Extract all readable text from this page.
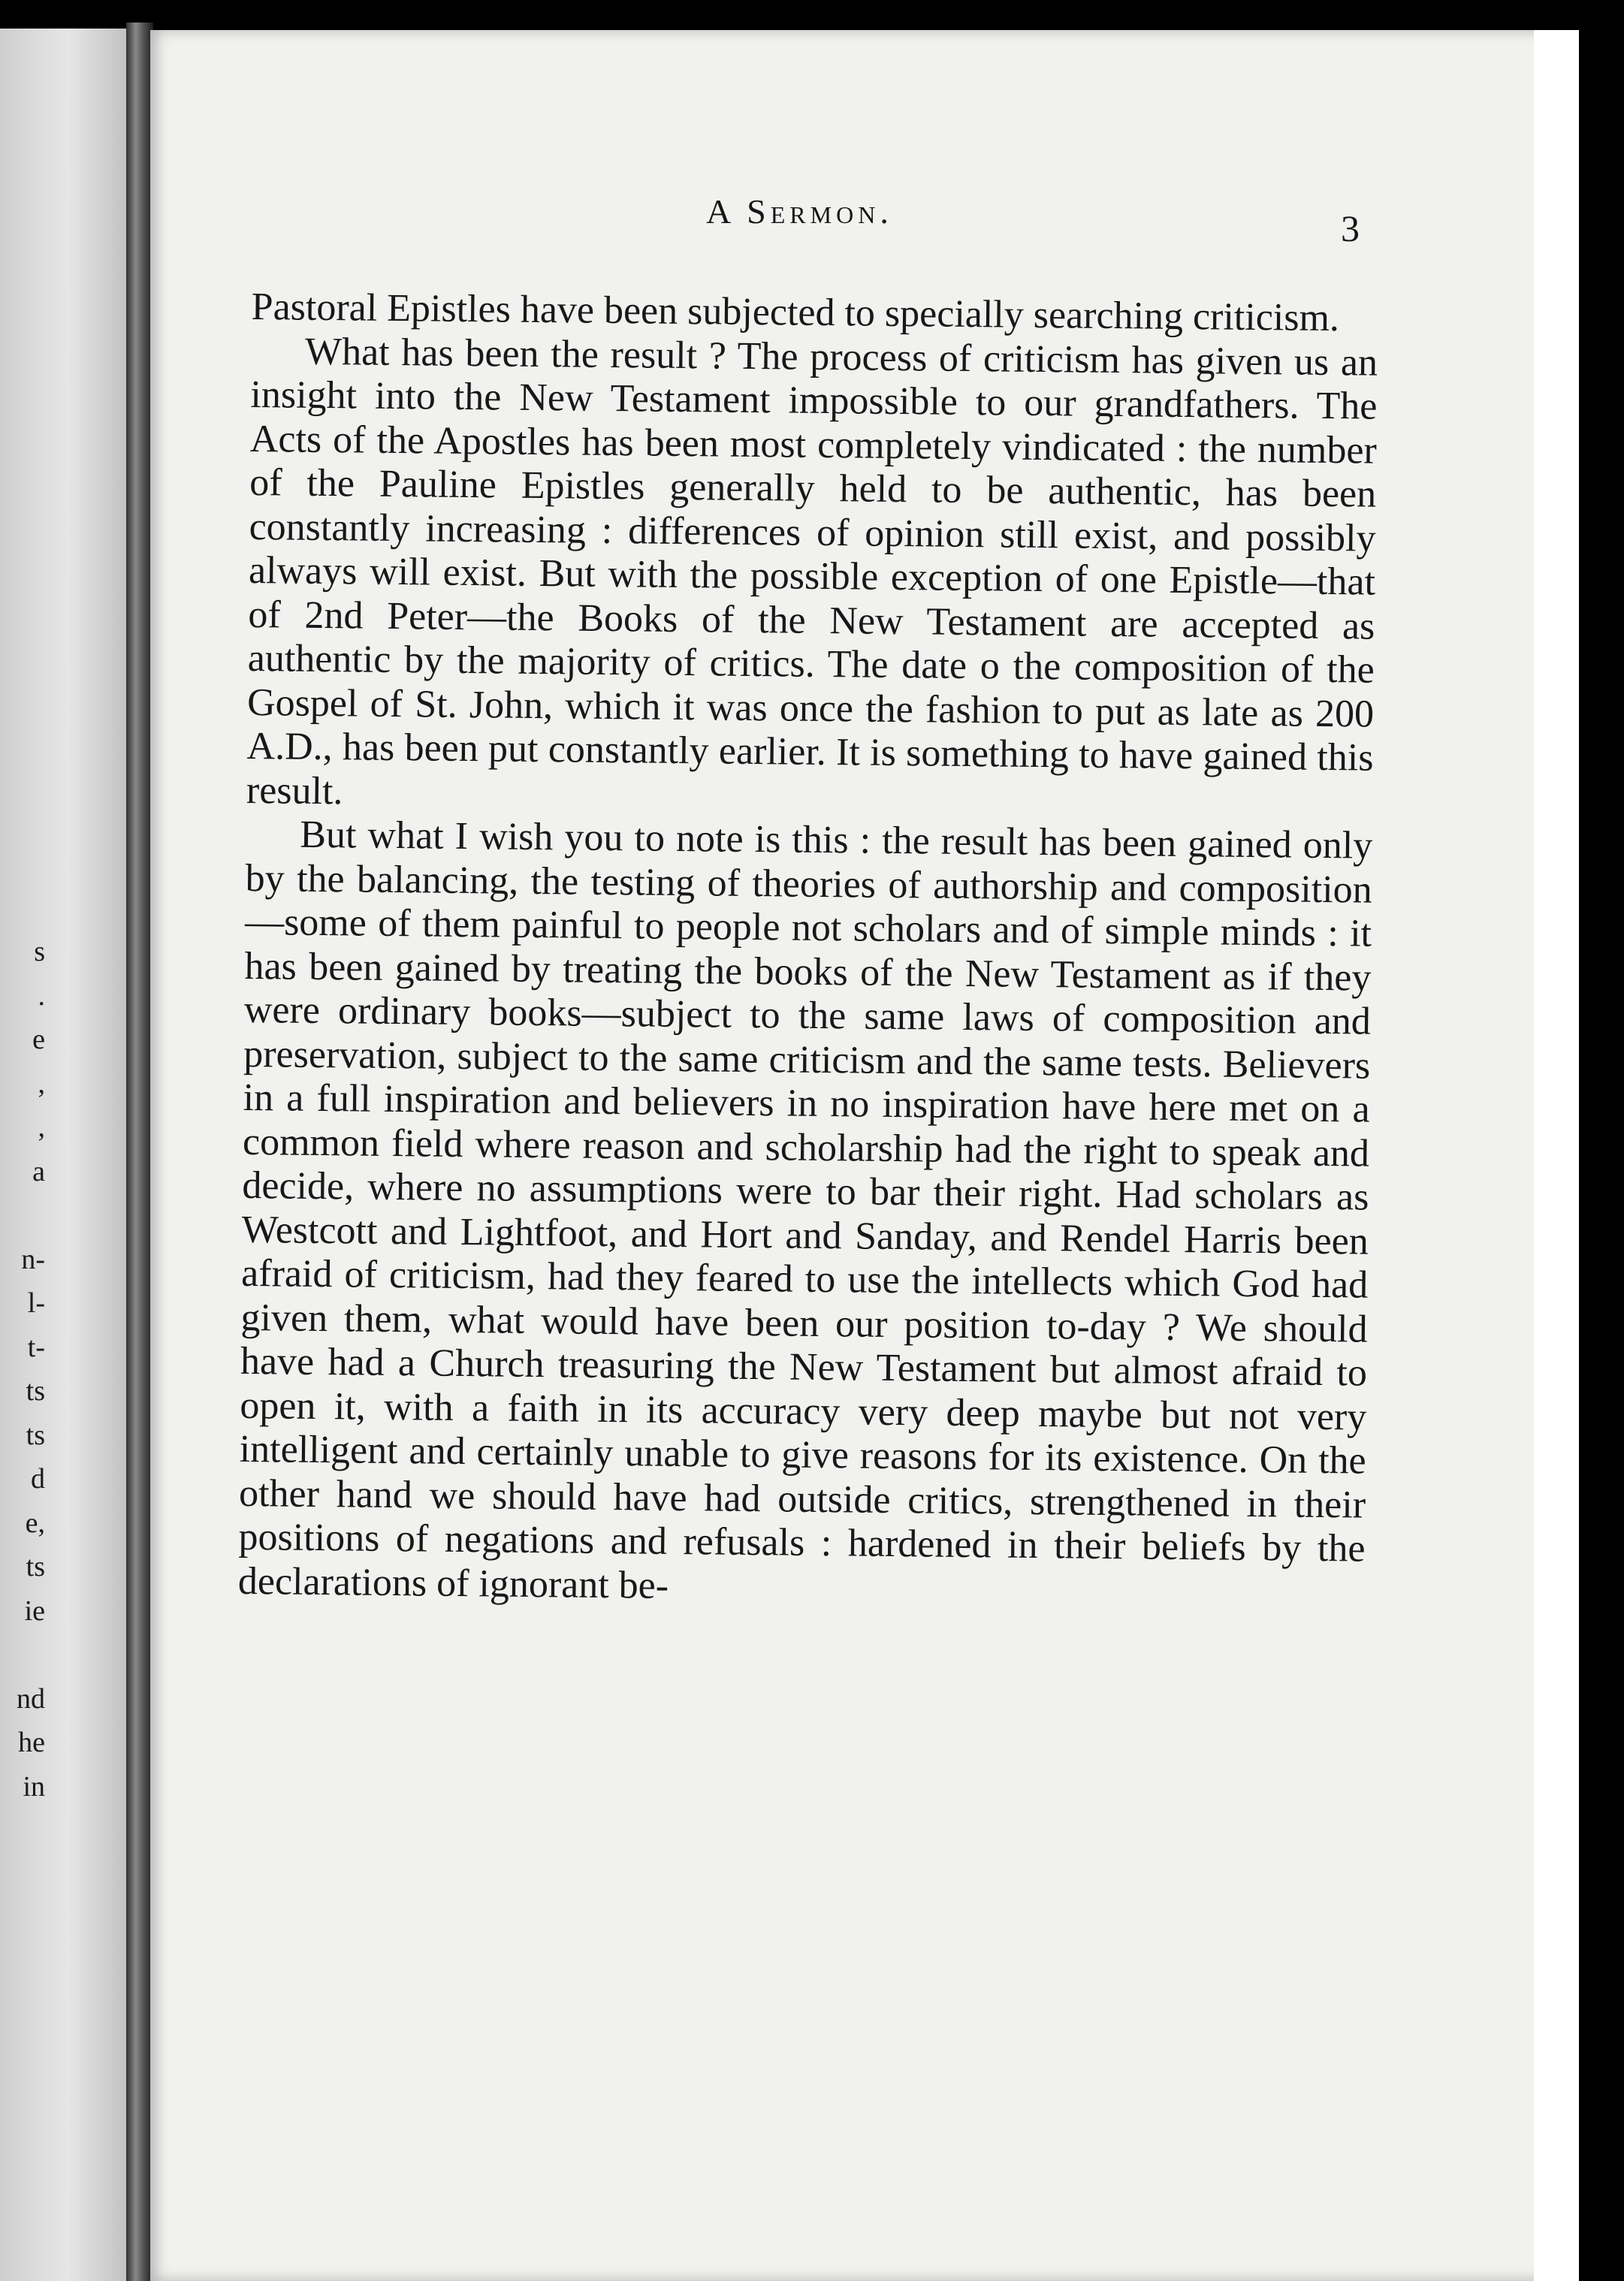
s
.
e
,
,
a
n-
l-
t-
ts
ts
d
e,
ts
ie
nd
he
in
A Sermon.	3

Pastoral Epistles have been subjected to specially searching criticism.

What has been the result ? The process of criticism has given us an insight into the New Testament impossible to our grandfathers. The Acts of the Apostles has been most completely vindicated : the number of the Pauline Epistles generally held to be authentic, has been constantly increasing : differences of opinion still exist, and possibly always will exist. But with the possible exception of one Epistle—that of 2nd Peter—the Books of the New Testament are accepted as authentic by the majority of critics. The date o the composition of the Gospel of St. John, which it was once the fashion to put as late as 200 A.D., has been put constantly earlier. It is something to have gained this result.

But what I wish you to note is this : the result has been gained only by the balancing, the testing of theories of authorship and composition—some of them painful to people not scholars and of simple minds : it has been gained by treating the books of the New Testament as if they were ordinary books—subject to the same laws of composition and preservation, subject to the same criticism and the same tests. Believers in a full inspiration and believers in no inspiration have here met on a common field where reason and scholarship had the right to speak and decide, where no assumptions were to bar their right. Had scholars as Westcott and Lightfoot, and Hort and Sanday, and Rendel Harris been afraid of criticism, had they feared to use the intellects which God had given them, what would have been our position to-day ? We should have had a Church treasuring the New Testament but almost afraid to open it, with a faith in its accuracy very deep maybe but not very intelligent and certainly unable to give reasons for its existence. On the other hand we should have had outside critics, strengthened in their positions of negations and refusals : hardened in their beliefs by the declarations of ignorant be-
